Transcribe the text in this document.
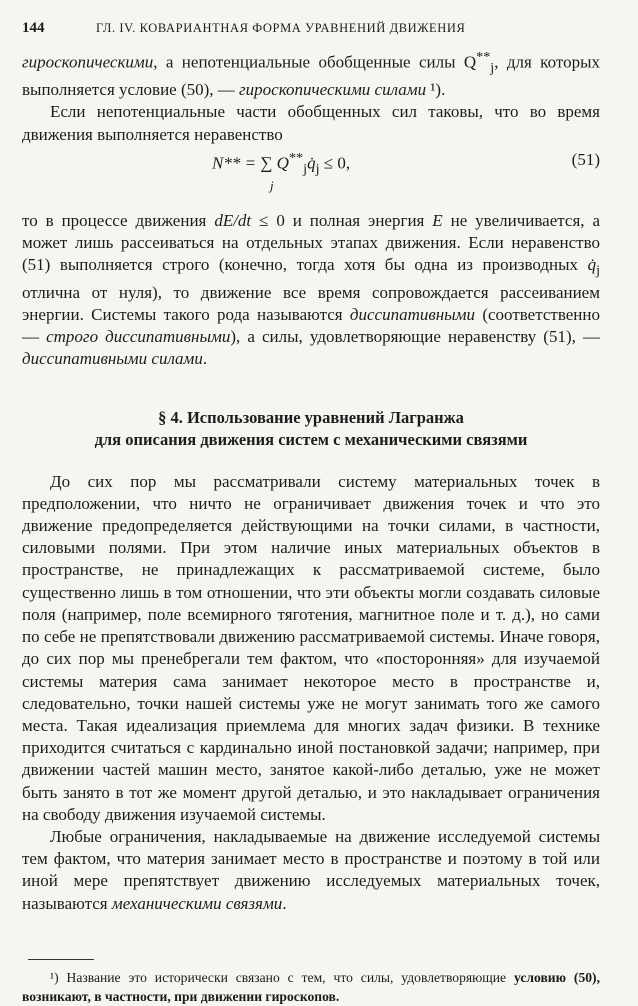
144	ГЛ. IV. КОВАРИАНТНАЯ ФОРМА УРАВНЕНИЙ ДВИЖЕНИЯ

гироскопическими, а непотенциальные обобщенные силы $Q^{**}_j$, для которых выполняется условие (50), — гироскопическими силами ¹).

Если непотенциальные части обобщенных сил таковы, что во время движения выполняется неравенство

N** = ∑ $Q^{**}_jq̇_j \le 0$,
j
(51)

то в процессе движения dE/dt ≤ 0 и полная энергия E не увеличивается, а может лишь рассеиваться на отдельных этапах движения. Если неравенство (51) выполняется строго (конечно, тогда хотя бы одна из производных $q̇_j$ отлична от нуля), то движение все время сопровождается рассеиванием энергии. Системы такого рода называются диссипативными (соответственно — строго диссипативными), а силы, удовлетворяющие неравенству (51), — диссипативными силами.

§ 4. Использование уравнений Лагранжа
для описания движения систем с механическими связями

До сих пор мы рассматривали систему материальных точек в предположении, что ничто не ограничивает движения точек и что это движение предопределяется действующими на точки силами, в частности, силовыми полями. При этом наличие иных материальных объектов в пространстве, не принадлежащих к рассматриваемой системе, было существенно лишь в том отношении, что эти объекты могли создавать силовые поля (например, поле всемирного тяготения, магнитное поле и т. д.), но сами по себе не препятствовали движению рассматриваемой системы. Иначе говоря, до сих пор мы пренебрегали тем фактом, что «посторонняя» для изучаемой системы материя сама занимает некоторое место в пространстве и, следовательно, точки нашей системы уже не могут занимать того же самого места. Такая идеализация приемлема для многих задач физики. В технике приходится считаться с кардинально иной постановкой задачи; например, при движении частей машин место, занятое какой-либо деталью, уже не может быть занято в тот же момент другой деталью, и это накладывает ограничения на свободу движения изучаемой системы.

Любые ограничения, накладываемые на движение исследуемой системы тем фактом, что материя занимает место в пространстве и поэтому в той или иной мере препятствует движению исследуемых материальных точек, называются механическими связями.

¹) Название это исторически связано с тем, что силы, удовлетворяющие условию (50), возникают, в частности, при движении гироскопов.
